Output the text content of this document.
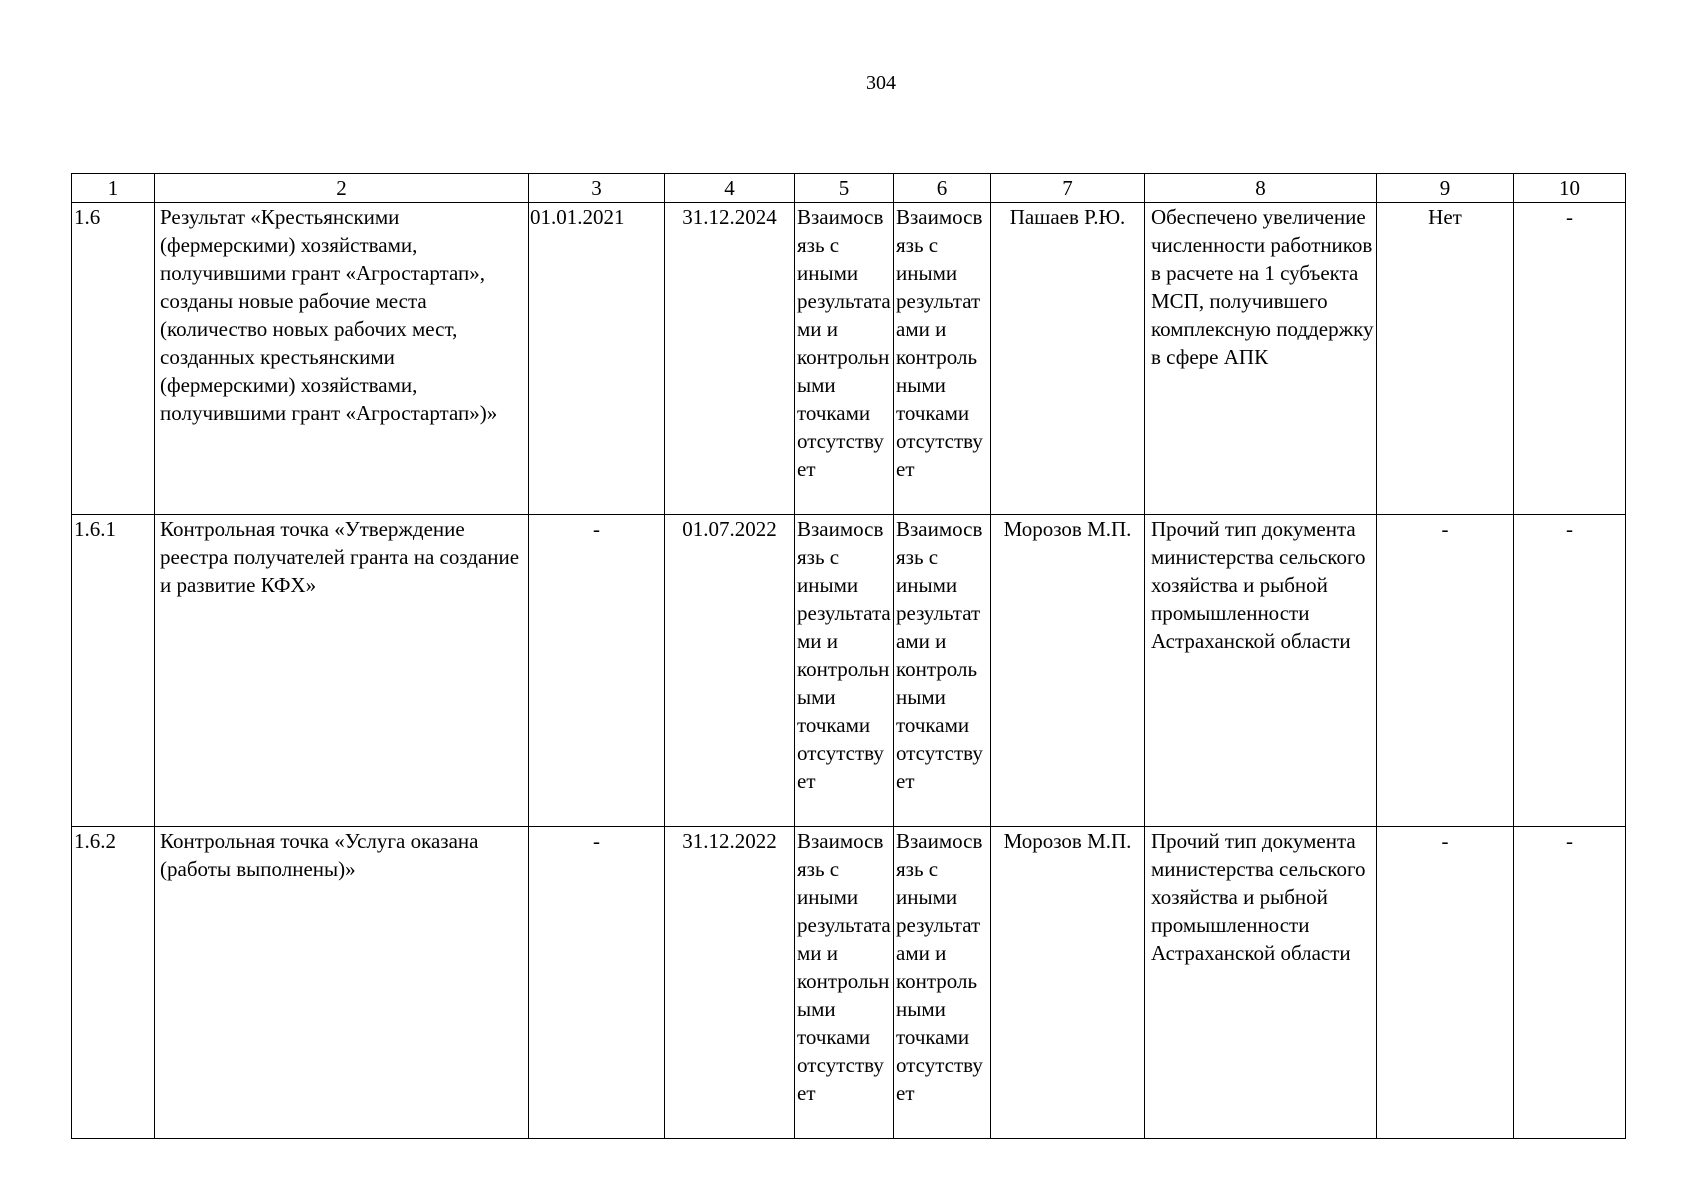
304
1	2	3	4	5	6	7	8	9	10
1.6	Результат «Крестьянскими (фермерскими) хозяйствами, получившими грант «Агростартап», созданы новые рабочие места (количество новых рабочих мест, созданных крестьянскими (фермерскими) хозяйствами, получившими грант «Агростартап»)»	01.01.2021	31.12.2024	Взаимосвязь с иными результатами и контрольными точками отсутствует	Взаимосвязь с иными результатами и контрольными точками отсутствует	Пашаев Р.Ю.	Обеспечено увеличение численности работников в расчете на 1 субъекта МСП, получившего комплексную поддержку в сфере АПК	Нет	-
1.6.1	Контрольная точка «Утверждение реестра получателей гранта на создание и развитие КФХ»	-	01.07.2022	Взаимосвязь с иными результатами и контрольными точками отсутствует	Взаимосвязь с иными результатами и контрольными точками отсутствует	Морозов М.П.	Прочий тип документа министерства сельского хозяйства и рыбной промышленности Астраханской области	-	-
1.6.2	Контрольная точка «Услуга оказана (работы выполнены)»	-	31.12.2022	Взаимосвязь с иными результатами и контрольными точками отсутствует	Взаимосвязь с иными результатами и контрольными точками отсутствует	Морозов М.П.	Прочий тип документа министерства сельского хозяйства и рыбной промышленности Астраханской области	-	-
